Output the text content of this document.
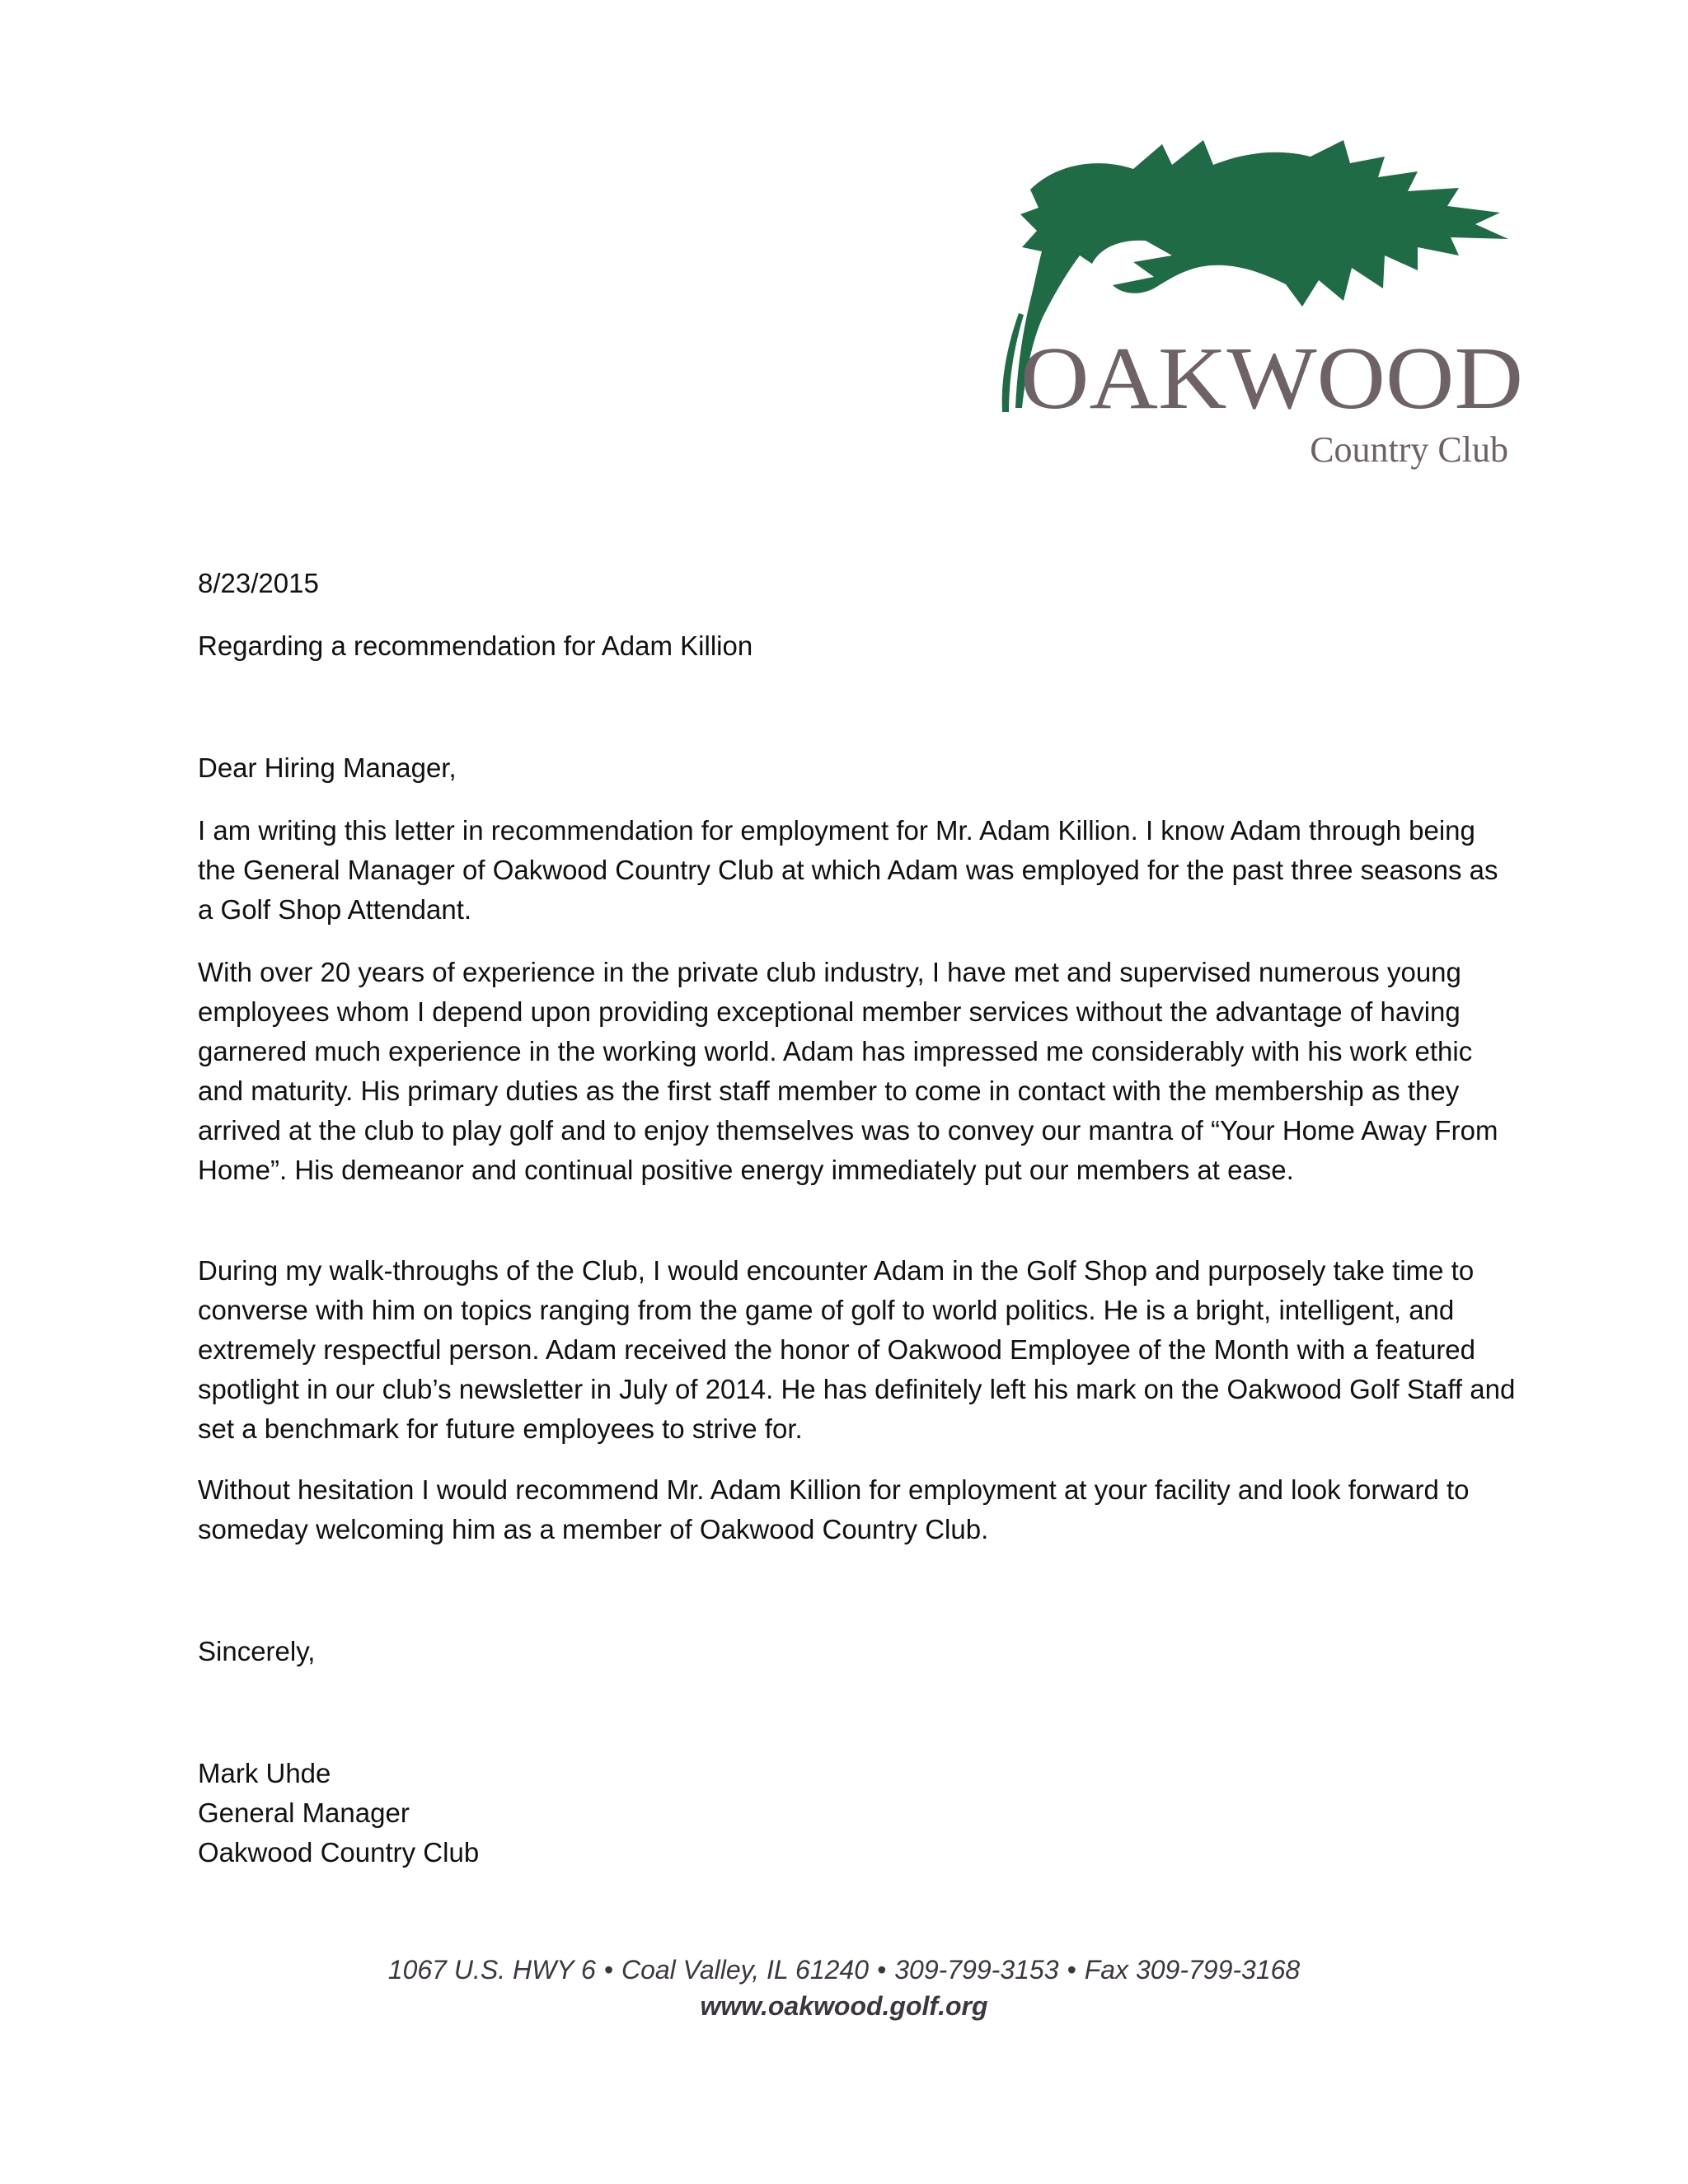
OAKWOOD
Country Club

8/23/2015

Regarding a recommendation for Adam Killion

Dear Hiring Manager,

I am writing this letter in recommendation for employment for Mr. Adam Killion. I know Adam through being the General Manager of Oakwood Country Club at which Adam was employed for the past three seasons as a Golf Shop Attendant.

With over 20 years of experience in the private club industry, I have met and supervised numerous young employees whom I depend upon providing exceptional member services without the advantage of having garnered much experience in the working world. Adam has impressed me considerably with his work ethic and maturity. His primary duties as the first staff member to come in contact with the membership as they arrived at the club to play golf and to enjoy themselves was to convey our mantra of “Your Home Away From Home”. His demeanor and continual positive energy immediately put our members at ease.

During my walk-throughs of the Club, I would encounter Adam in the Golf Shop and purposely take time to converse with him on topics ranging from the game of golf to world politics. He is a bright, intelligent, and extremely respectful person. Adam received the honor of Oakwood Employee of the Month with a featured spotlight in our club’s newsletter in July of 2014. He has definitely left his mark on the Oakwood Golf Staff and set a benchmark for future employees to strive for.

Without hesitation I would recommend Mr. Adam Killion for employment at your facility and look forward to someday welcoming him as a member of Oakwood Country Club.

Sincerely,

Mark Uhde

General Manager

Oakwood Country Club

1067 U.S. HWY 6 • Coal Valley, IL 61240 • 309-799-3153 • Fax 309-799-3168
www.oakwood.golf.org
